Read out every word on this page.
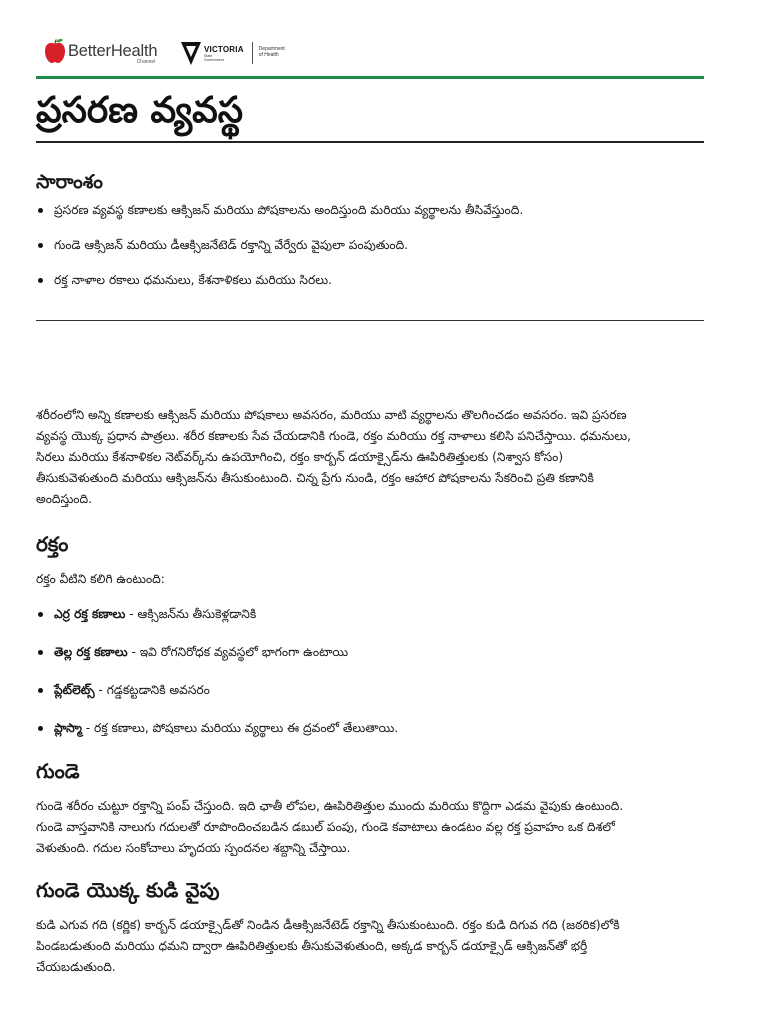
BetterHealth
Channel
VICTORIA
State Government
Department
of Health
ప్రసరణ వ్యవస్థ
సారాంశం
ప్రసరణ వ్యవస్థ కణాలకు ఆక్సిజన్ మరియు పోషకాలను అందిస్తుంది మరియు వ్యర్థాలను తీసివేస్తుంది.
గుండె ఆక్సిజన్ మరియు డీఆక్సిజనేటెడ్ రక్తాన్ని వేర్వేరు వైపులా పంపుతుంది.
రక్త నాళాల రకాలు ధమనులు, కేశనాళికలు మరియు సిరలు.

శరీరంలోని అన్ని కణాలకు ఆక్సిజన్ మరియు పోషకాలు అవసరం, మరియు వాటి వ్యర్థాలను తొలగించడం అవసరం. ఇవి ప్రసరణ వ్యవస్థ యొక్క ప్రధాన పాత్రలు. శరీర కణాలకు సేవ చేయడానికి గుండె, రక్తం మరియు రక్త నాళాలు కలిసి పనిచేస్తాయి. ధమనులు, సిరలు మరియు కేశనాళికల నెట్‌వర్క్‌ను ఉపయోగించి, రక్తం కార్బన్ డయాక్సైడ్‌ను ఊపిరితిత్తులకు (నిశ్వాస కోసం) తీసుకువెళుతుంది మరియు ఆక్సిజన్‌ను తీసుకుంటుంది. చిన్న ప్రేగు నుండి, రక్తం ఆహార పోషకాలను సేకరించి ప్రతి కణానికి అందిస్తుంది.

రక్తం

రక్తం వీటిని కలిగి ఉంటుంది:

ఎర్ర రక్త కణాలు - ఆక్సిజన్‌ను తీసుకెళ్లడానికి
తెల్ల రక్త కణాలు - ఇవి రోగనిరోధక వ్యవస్థలో భాగంగా ఉంటాయి
ప్లేట్‌లెట్స్ - గడ్డకట్టడానికి అవసరం
ప్లాస్మా - రక్త కణాలు, పోషకాలు మరియు వ్యర్థాలు ఈ ద్రవంలో తేలుతాయి.
గుండె

గుండె శరీరం చుట్టూ రక్తాన్ని పంప్ చేస్తుంది. ఇది ఛాతీ లోపల, ఊపిరితిత్తుల ముందు మరియు కొద్దిగా ఎడమ వైపుకు ఉంటుంది. గుండె వాస్తవానికి నాలుగు గదులతో రూపొందించబడిన డబుల్ పంపు, గుండె కవాటాలు ఉండటం వల్ల రక్త ప్రవాహం ఒక దిశలో వెళుతుంది. గదుల సంకోచాలు హృదయ స్పందనల శబ్దాన్ని చేస్తాయి.

గుండె యొక్క కుడి వైపు

కుడి ఎగువ గది (కర్ణిక) కార్బన్ డయాక్సైడ్‌తో నిండిన డీఆక్సిజనేటెడ్ రక్తాన్ని తీసుకుంటుంది. రక్తం కుడి దిగువ గది (జఠరిక)లోకి పిండబడుతుంది మరియు ధమని ద్వారా ఊపిరితిత్తులకు తీసుకువెళుతుంది, అక్కడ కార్బన్ డయాక్సైడ్ ఆక్సిజన్‌తో భర్తీ చేయబడుతుంది.
